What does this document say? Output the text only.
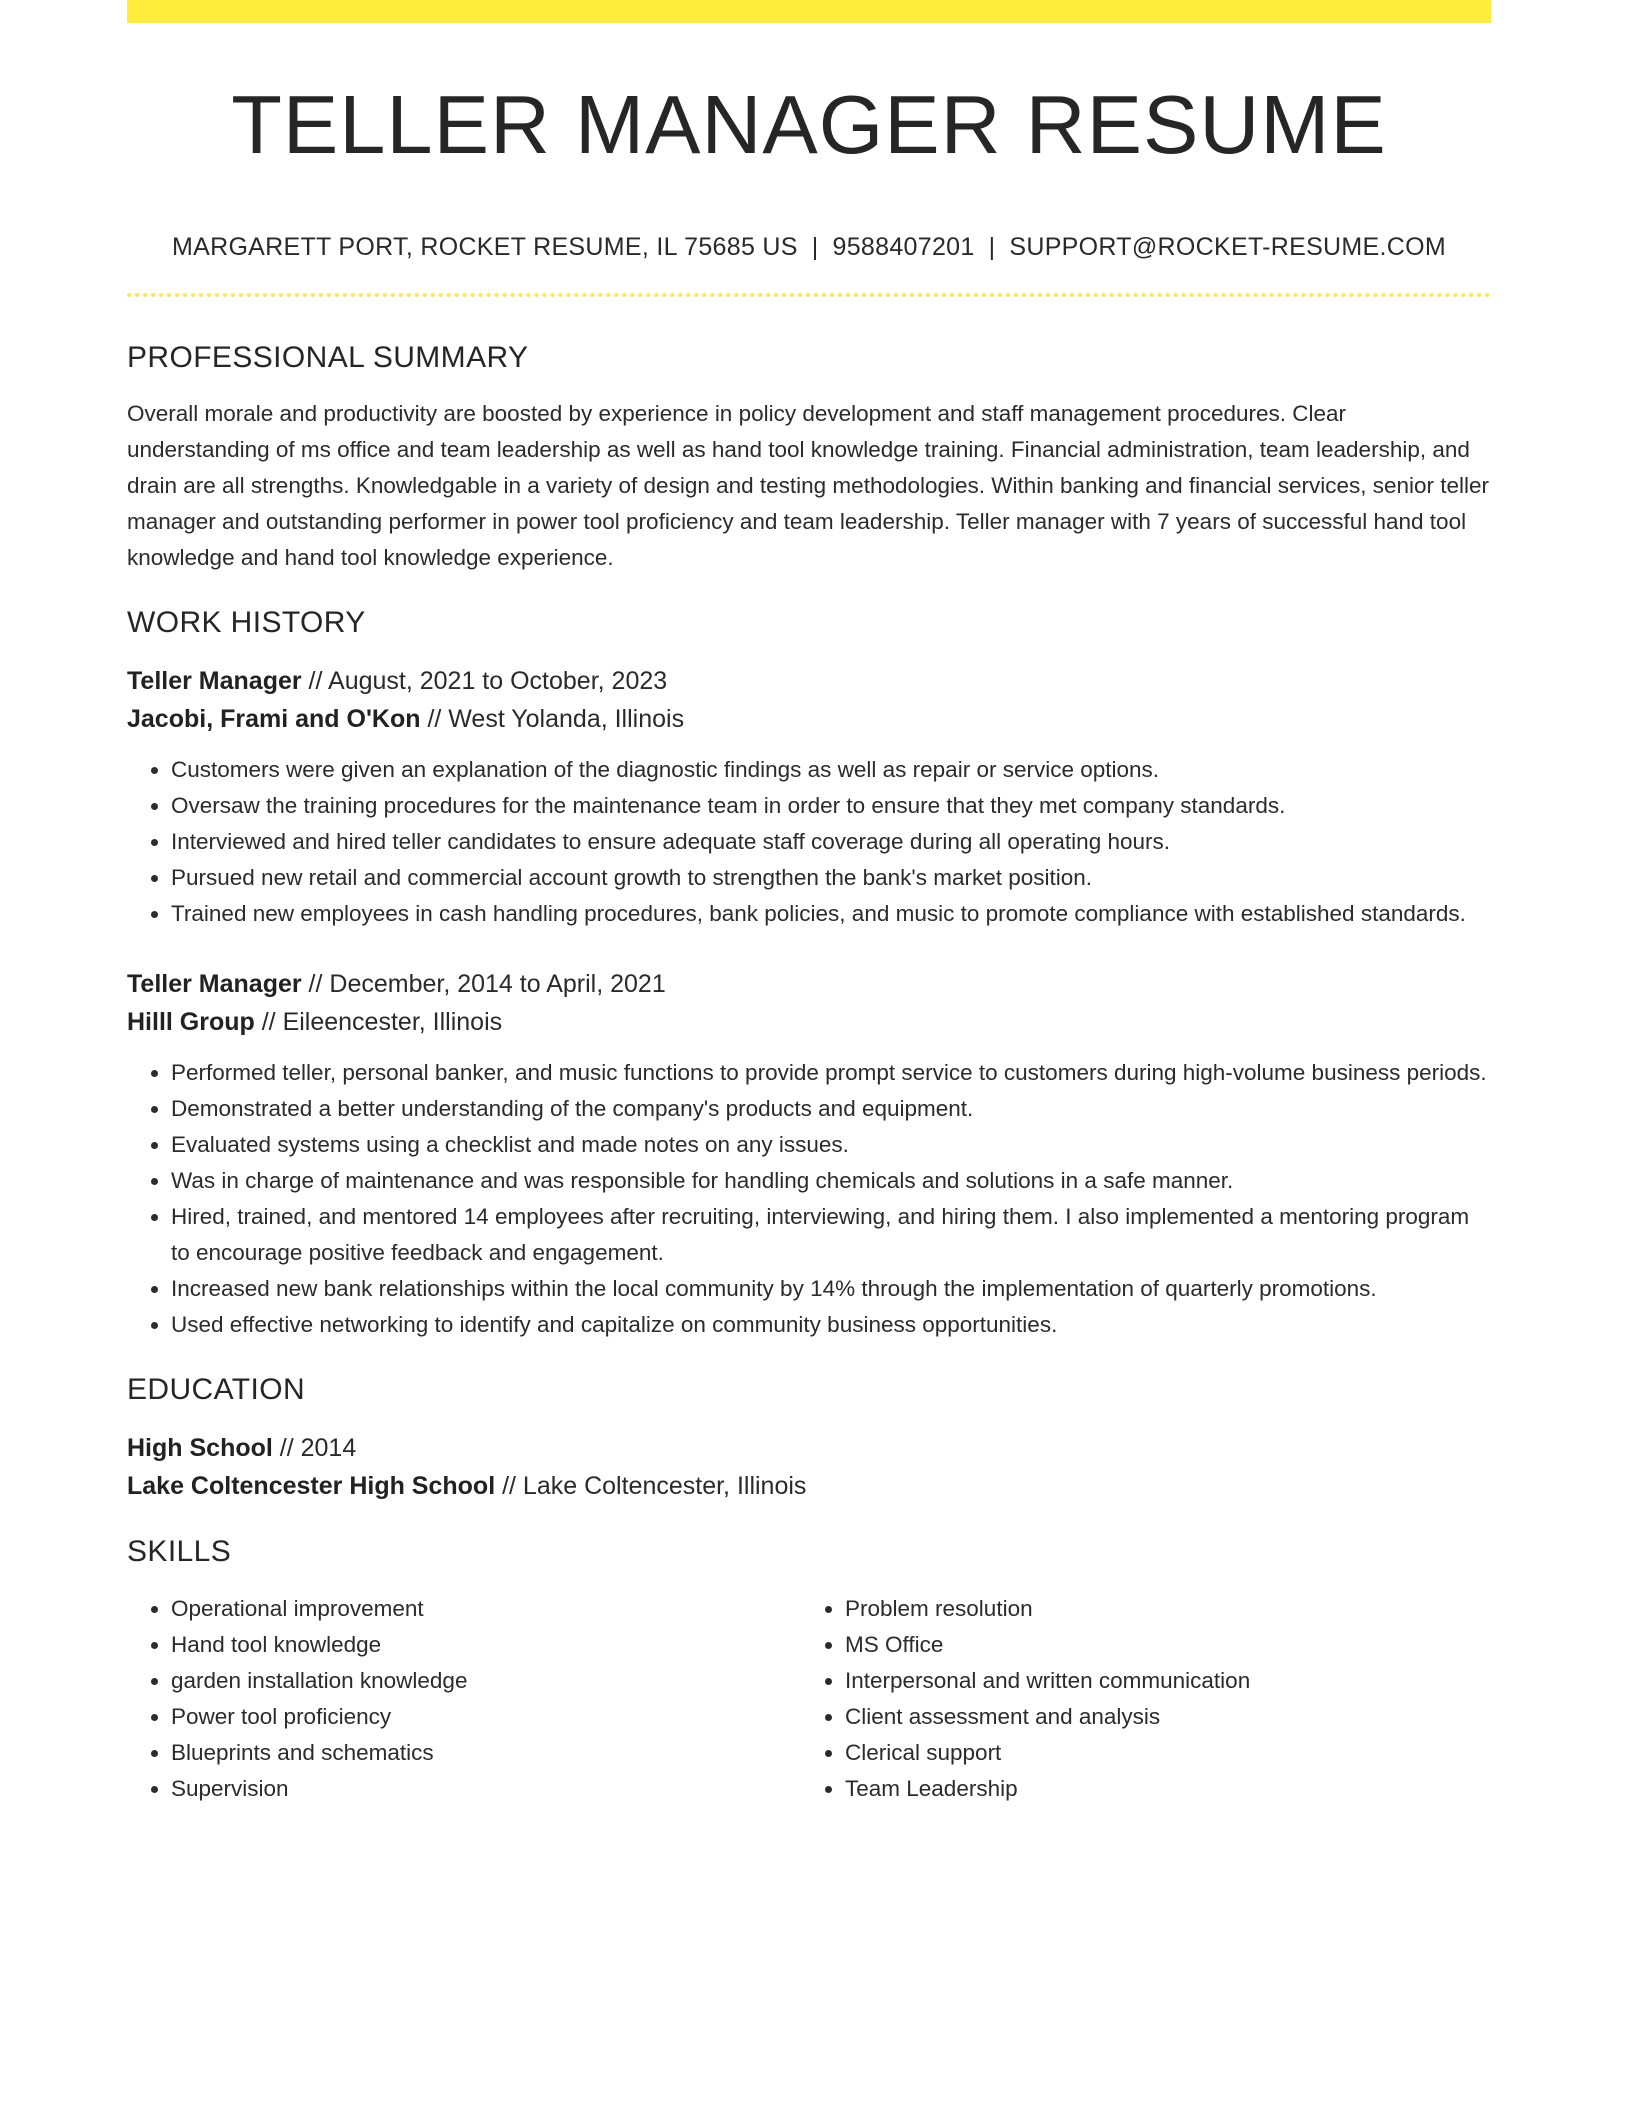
TELLER MANAGER RESUME
MARGARETT PORT, ROCKET RESUME, IL 75685 US | 9588407201 | SUPPORT@ROCKET-RESUME.COM
PROFESSIONAL SUMMARY
Overall morale and productivity are boosted by experience in policy development and staff management procedures. Clear understanding of ms office and team leadership as well as hand tool knowledge training. Financial administration, team leadership, and drain are all strengths. Knowledgable in a variety of design and testing methodologies. Within banking and financial services, senior teller manager and outstanding performer in power tool proficiency and team leadership. Teller manager with 7 years of successful hand tool knowledge and hand tool knowledge experience.
WORK HISTORY
Teller Manager // August, 2021 to October, 2023
Jacobi, Frami and O'Kon // West Yolanda, Illinois
• Customers were given an explanation of the diagnostic findings as well as repair or service options.
• Oversaw the training procedures for the maintenance team in order to ensure that they met company standards.
• Interviewed and hired teller candidates to ensure adequate staff coverage during all operating hours.
• Pursued new retail and commercial account growth to strengthen the bank's market position.
• Trained new employees in cash handling procedures, bank policies, and music to promote compliance with established standards.
Teller Manager // December, 2014 to April, 2021
Hilll Group // Eileencester, Illinois
• Performed teller, personal banker, and music functions to provide prompt service to customers during high-volume business periods.
• Demonstrated a better understanding of the company's products and equipment.
• Evaluated systems using a checklist and made notes on any issues.
• Was in charge of maintenance and was responsible for handling chemicals and solutions in a safe manner.
• Hired, trained, and mentored 14 employees after recruiting, interviewing, and hiring them. I also implemented a mentoring program to encourage positive feedback and engagement.
• Increased new bank relationships within the local community by 14% through the implementation of quarterly promotions.
• Used effective networking to identify and capitalize on community business opportunities.
EDUCATION
High School // 2014
Lake Coltencester High School // Lake Coltencester, Illinois
SKILLS
• Operational improvement
• Hand tool knowledge
• garden installation knowledge
• Power tool proficiency
• Blueprints and schematics
• Supervision
• Problem resolution
• MS Office
• Interpersonal and written communication
• Client assessment and analysis
• Clerical support
• Team Leadership
